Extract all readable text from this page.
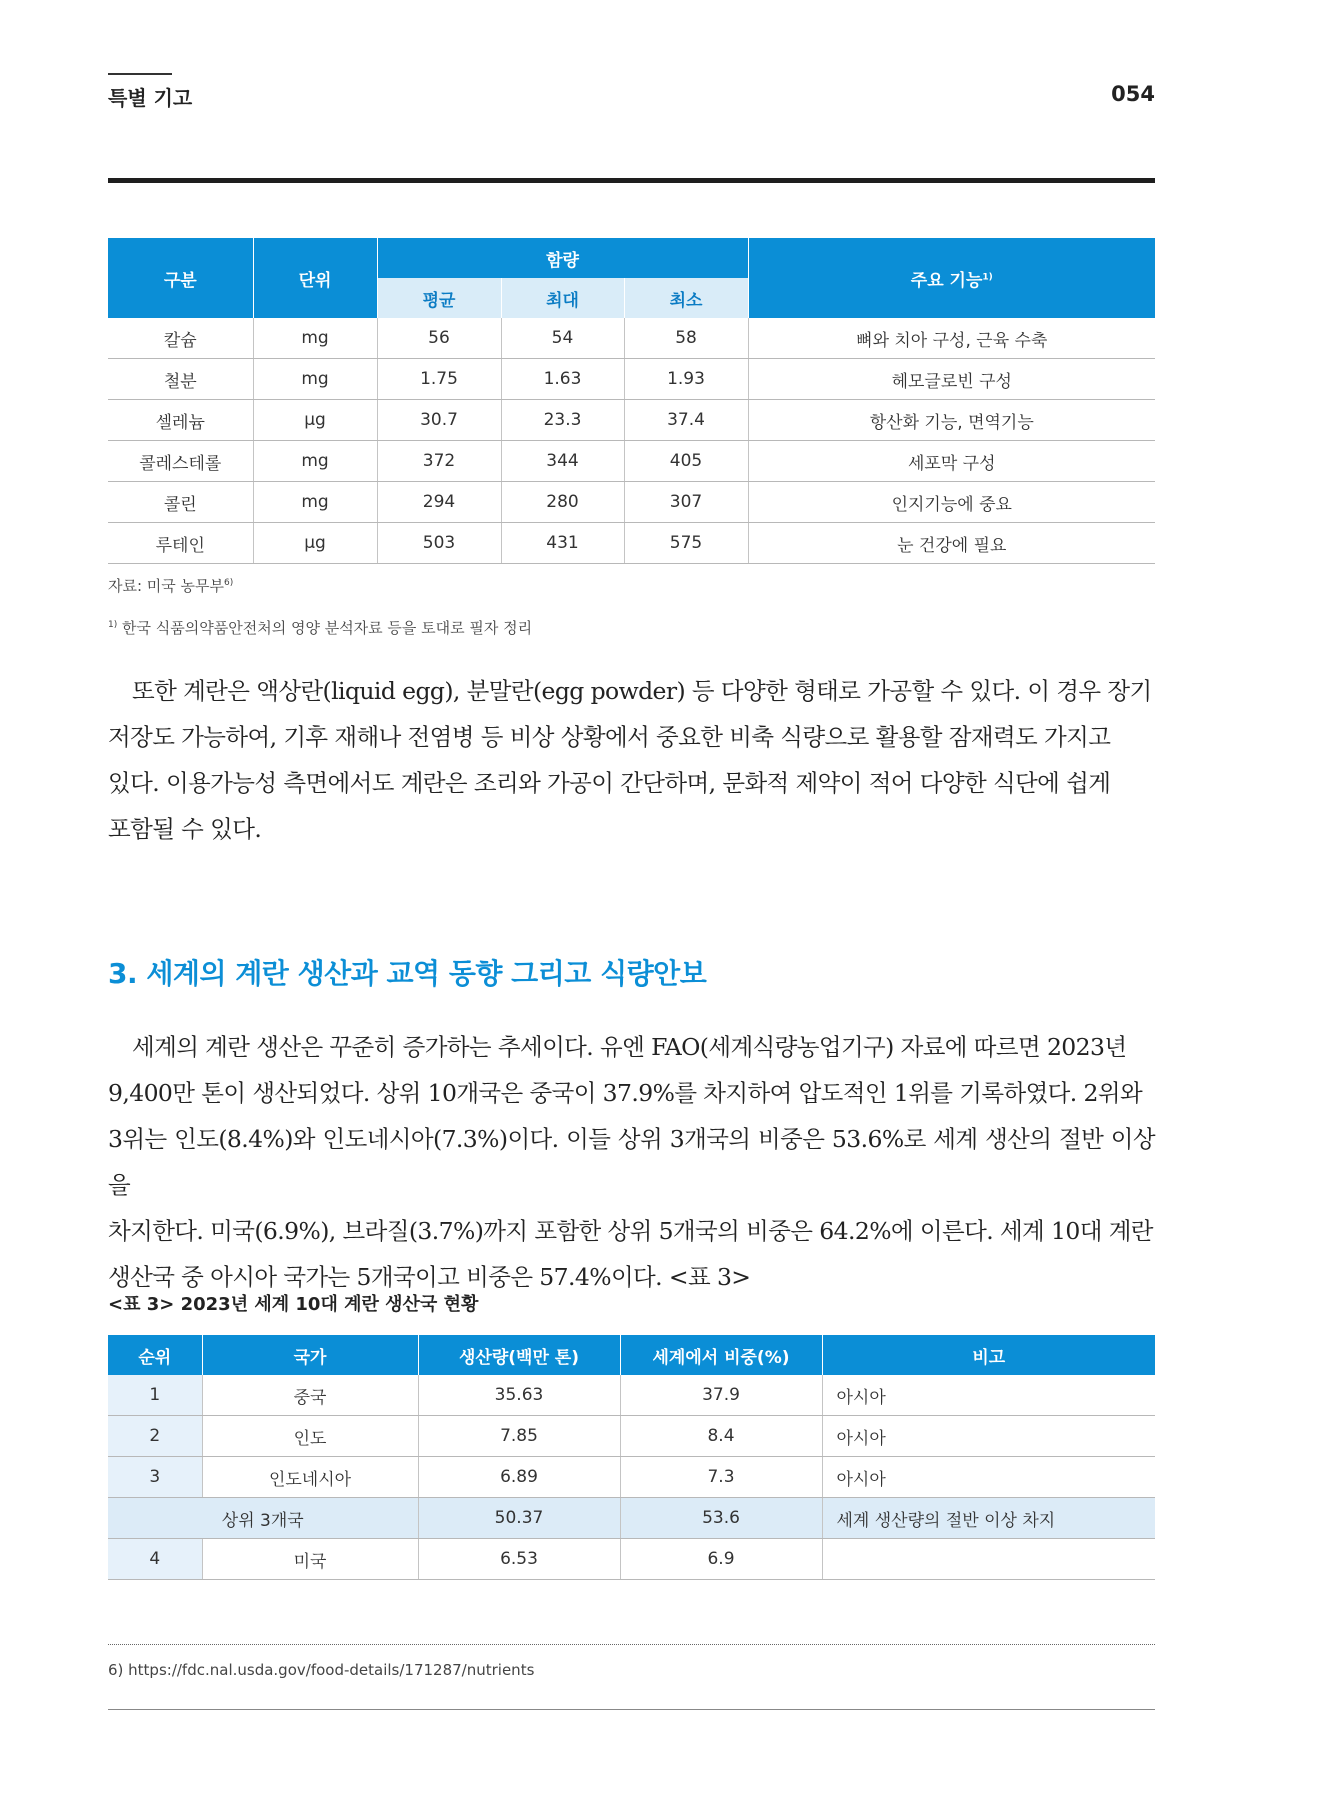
특별 기고	054
구분	단위	함량			주요 기능$^{1)}$
		평균	최대	최소	
칼슘	mg	56	54	58	뼈와 치아 구성, 근육 수축
철분	mg	1.75	1.63	1.93	헤모글로빈 구성
셀레늄	µg	30.7	23.3	37.4	항산화 기능, 면역기능
콜레스테롤	mg	372	344	405	세포막 구성
콜린	mg	294	280	307	인지기능에 중요
루테인	µg	503	431	575	눈 건강에 필요
자료: 미국 농무부$^{6)}$
$^{1)}$ 한국 식품의약품안전처의 영양 분석자료 등을 토대로 필자 정리

또한 계란은 액상란(liquid egg), 분말란(egg powder) 등 다양한 형태로 가공할 수 있다. 이 경우 장기
저장도 가능하여, 기후 재해나 전염병 등 비상 상황에서 중요한 비축 식량으로 활용할 잠재력도 가지고
있다. 이용가능성 측면에서도 계란은 조리와 가공이 간단하며, 문화적 제약이 적어 다양한 식단에 쉽게
포함될 수 있다.

3. 세계의 계란 생산과 교역 동향 그리고 식량안보

세계의 계란 생산은 꾸준히 증가하는 추세이다. 유엔 FAO(세계식량농업기구) 자료에 따르면 2023년
9,400만 톤이 생산되었다. 상위 10개국은 중국이 37.9%를 차지하여 압도적인 1위를 기록하였다. 2위와
3위는 인도(8.4%)와 인도네시아(7.3%)이다. 이들 상위 3개국의 비중은 53.6%로 세계 생산의 절반 이상을
차지한다. 미국(6.9%), 브라질(3.7%)까지 포함한 상위 5개국의 비중은 64.2%에 이른다. 세계 10대 계란
생산국 중 아시아 국가는 5개국이고 비중은 57.4%이다. <표 3>

<표 3> 2023년 세계 10대 계란 생산국 현황
순위	국가	생산량(백만 톤)	세계에서 비중(%)	비고
1	중국	35.63	37.9	아시아
2	인도	7.85	8.4	아시아
3	인도네시아	6.89	7.3	아시아
상위 3개국		50.37	53.6	세계 생산량의 절반 이상 차지
4	미국	6.53	6.9	
6) https://fdc.nal.usda.gov/food-details/171287/nutrients
